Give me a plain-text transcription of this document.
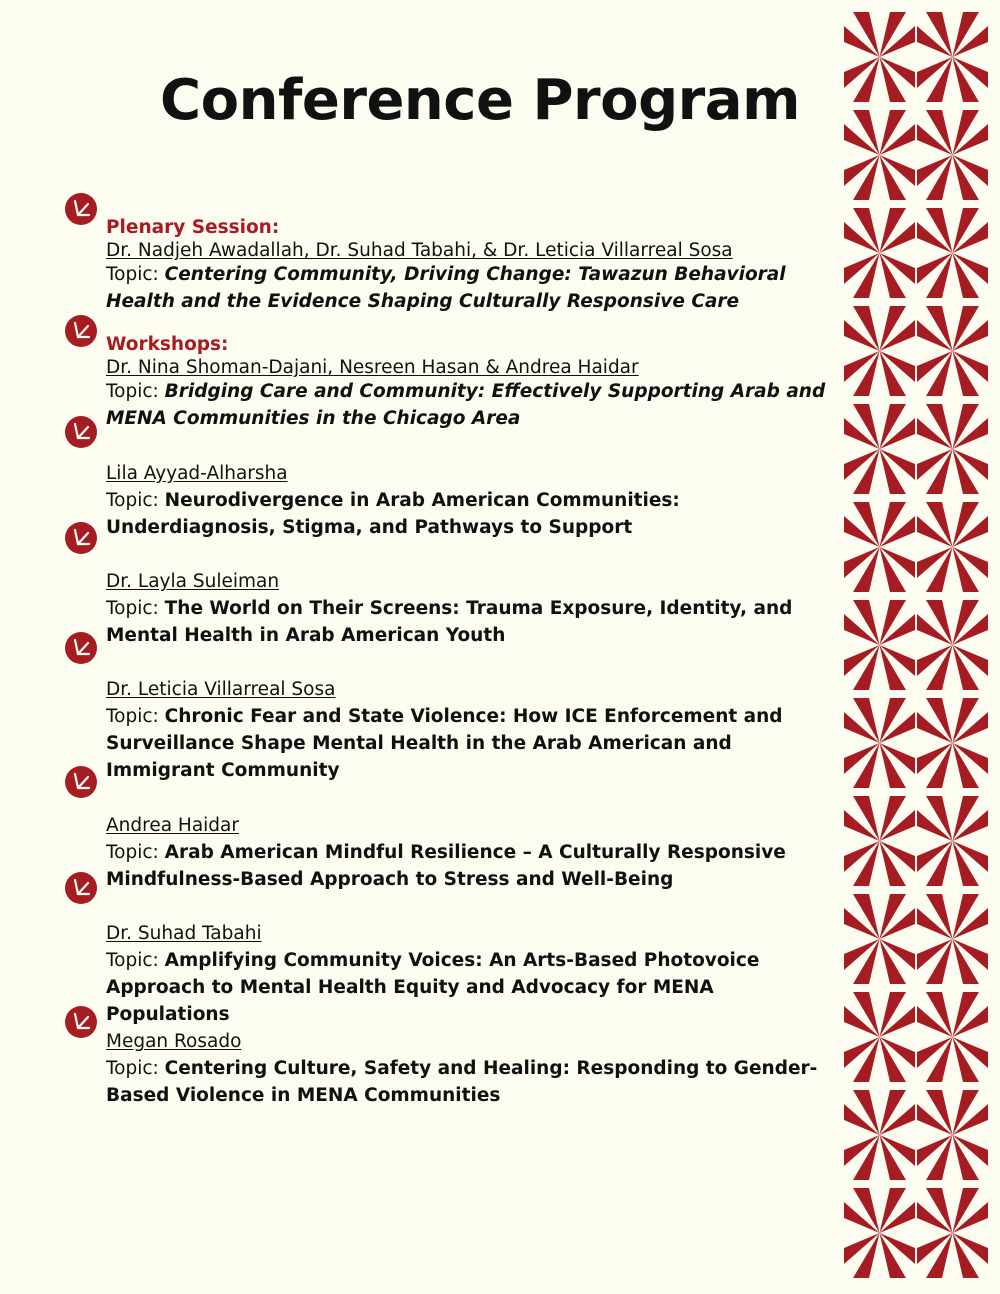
Conference Program
Plenary Session:
Dr. Nadjeh Awadallah, Dr. Suhad Tabahi, & Dr. Leticia Villarreal Sosa
Topic: Centering Community, Driving Change: Tawazun Behavioral Health and the Evidence Shaping Culturally Responsive Care
Workshops:
Dr. Nina Shoman-Dajani, Nesreen Hasan & Andrea Haidar
Topic: Bridging Care and Community: Effectively Supporting Arab and MENA Communities in the Chicago Area
Lila Ayyad-Alharsha
Topic: Neurodivergence in Arab American Communities: Underdiagnosis, Stigma, and Pathways to Support
Dr. Layla Suleiman
Topic: The World on Their Screens: Trauma Exposure, Identity, and Mental Health in Arab American Youth
Dr. Leticia Villarreal Sosa
Topic: Chronic Fear and State Violence: How ICE Enforcement and Surveillance Shape Mental Health in the Arab American and Immigrant Community
Andrea Haidar
Topic: Arab American Mindful Resilience – A Culturally Responsive Mindfulness-Based Approach to Stress and Well-Being
Dr. Suhad Tabahi
Topic: Amplifying Community Voices: An Arts-Based Photovoice Approach to Mental Health Equity and Advocacy for MENA Populations
Megan Rosado
Topic: Centering Culture, Safety and Healing: Responding to Gender-Based Violence in MENA Communities
